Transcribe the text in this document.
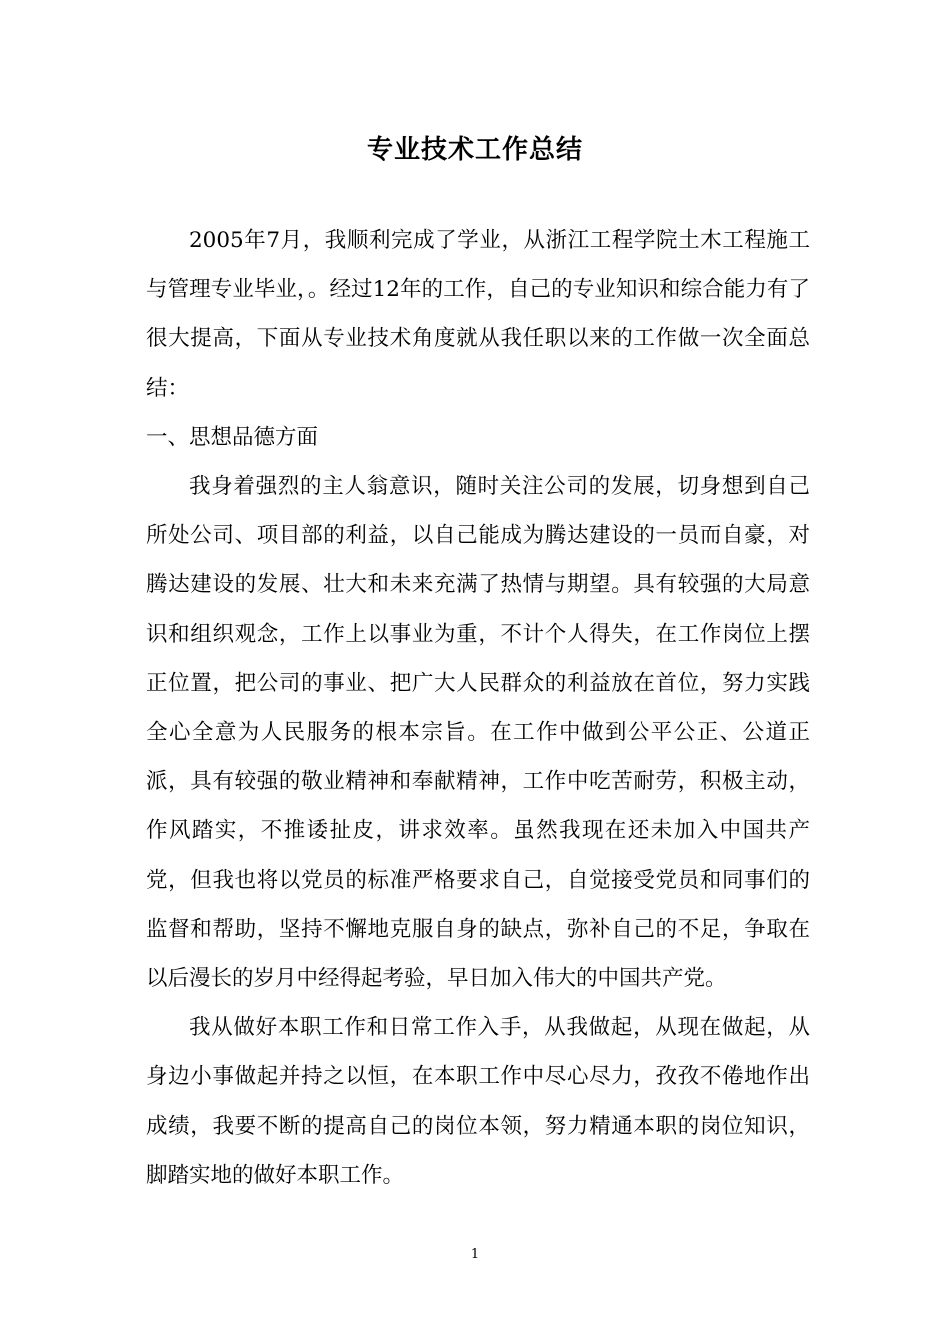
专业技术工作总结

2005年7月，我顺利完成了学业，从浙江工程学院土木工程施工与管理专业毕业，。经过12年的工作，自己的专业知识和综合能力有了很大提高，下面从专业技术角度就从我任职以来的工作做一次全面总结：

一、思想品德方面

我身着强烈的主人翁意识，随时关注公司的发展，切身想到自己所处公司、项目部的利益，以自己能成为腾达建设的一员而自豪，对腾达建设的发展、壮大和未来充满了热情与期望。具有较强的大局意识和组织观念，工作上以事业为重，不计个人得失，在工作岗位上摆正位置，把公司的事业、把广大人民群众的利益放在首位，努力实践全心全意为人民服务的根本宗旨。在工作中做到公平公正、公道正派，具有较强的敬业精神和奉献精神，工作中吃苦耐劳，积极主动，作风踏实，不推诿扯皮，讲求效率。虽然我现在还未加入中国共产党，但我也将以党员的标准严格要求自己，自觉接受党员和同事们的监督和帮助，坚持不懈地克服自身的缺点，弥补自己的不足，争取在以后漫长的岁月中经得起考验，早日加入伟大的中国共产党。

我从做好本职工作和日常工作入手，从我做起，从现在做起，从身边小事做起并持之以恒，在本职工作中尽心尽力，孜孜不倦地作出成绩，我要不断的提高自己的岗位本领，努力精通本职的岗位知识，脚踏实地的做好本职工作。

1
